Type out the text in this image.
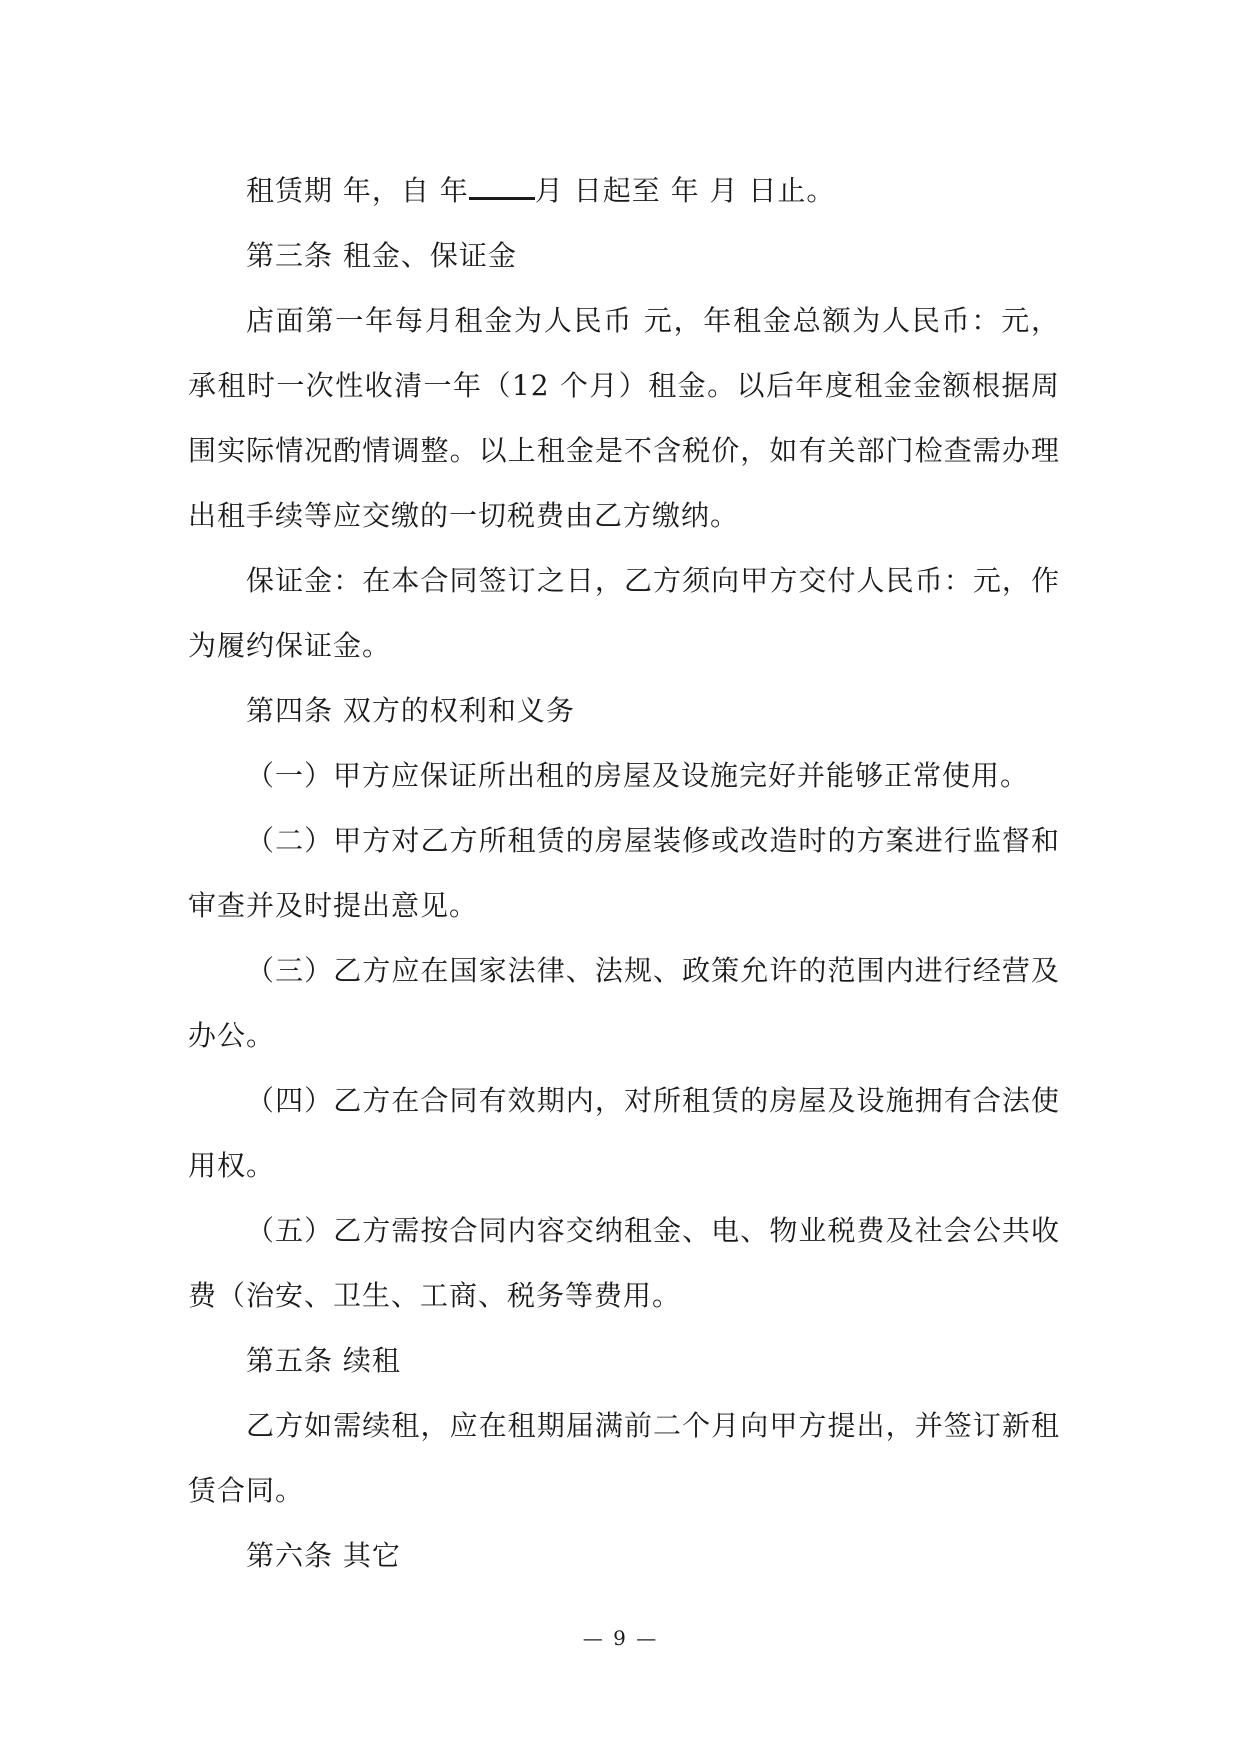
租赁期 年，自 年 月 日起至 年 月 日止。

第三条 租金、保证金

店面第一年每月租金为人民币 元，年租金总额为人民币：元，承租时一次性收清一年（12 个月）租金。以后年度租金金额根据周围实际情况酌情调整。以上租金是不含税价，如有关部门检查需办理出租手续等应交缴的一切税费由乙方缴纳。

保证金：在本合同签订之日，乙方须向甲方交付人民币：元，作为履约保证金。

第四条 双方的权利和义务

（一）甲方应保证所出租的房屋及设施完好并能够正常使用。

（二）甲方对乙方所租赁的房屋装修或改造时的方案进行监督和审查并及时提出意见。

（三）乙方应在国家法律、法规、政策允许的范围内进行经营及办公。

（四）乙方在合同有效期内，对所租赁的房屋及设施拥有合法使用权。

（五）乙方需按合同内容交纳租金、电、物业税费及社会公共收费（治安、卫生、工商、税务等费用。

第五条 续租

乙方如需续租，应在租期届满前二个月向甲方提出，并签订新租赁合同。

第六条 其它

— 9 —
